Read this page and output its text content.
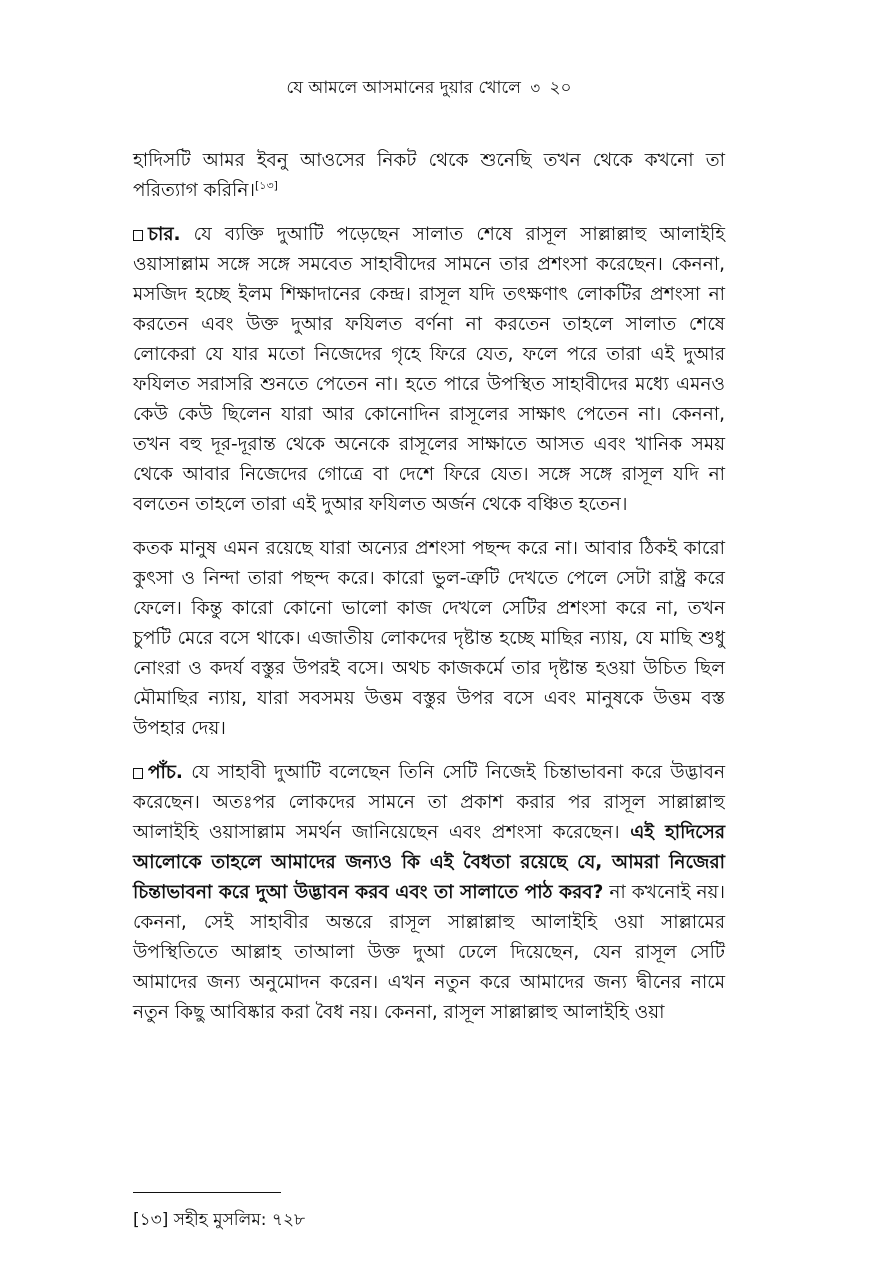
যে আমলে আসমানের দুয়ার খোলে ৩ ২০

হাদিসটি আমর ইবনু আওসের নিকট থেকে শুনেছি তখন থেকে কখনো তা পরিত্যাগ করিনি।[১৩]

চার. যে ব্যক্তি দুআটি পড়েছেন সালাত শেষে রাসূল সাল্লাল্লাহু আলাইহি ওয়াসাল্লাম সঙ্গে সঙ্গে সমবেত সাহাবীদের সামনে তার প্রশংসা করেছেন। কেননা, মসজিদ হচ্ছে ইলম শিক্ষাদানের কেন্দ্র। রাসূল যদি তৎক্ষণাৎ লোকটির প্রশংসা না করতেন এবং উক্ত দুআর ফযিলত বর্ণনা না করতেন তাহলে সালাত শেষে লোকেরা যে যার মতো নিজেদের গৃহে ফিরে যেত, ফলে পরে তারা এই দুআর ফযিলত সরাসরি শুনতে পেতেন না। হতে পারে উপস্থিত সাহাবীদের মধ্যে এমনও কেউ কেউ ছিলেন যারা আর কোনোদিন রাসূলের সাক্ষাৎ পেতেন না। কেননা, তখন বহু দূর-দূরান্ত থেকে অনেকে রাসূলের সাক্ষাতে আসত এবং খানিক সময় থেকে আবার নিজেদের গোত্রে বা দেশে ফিরে যেত। সঙ্গে সঙ্গে রাসূল যদি না বলতেন তাহলে তারা এই দুআর ফযিলত অর্জন থেকে বঞ্চিত হতেন।

কতক মানুষ এমন রয়েছে যারা অন্যের প্রশংসা পছন্দ করে না। আবার ঠিকই কারো কুৎসা ও নিন্দা তারা পছন্দ করে। কারো ভুল-ত্রুটি দেখতে পেলে সেটা রাষ্ট্র করে ফেলে। কিন্তু কারো কোনো ভালো কাজ দেখলে সেটির প্রশংসা করে না, তখন চুপটি মেরে বসে থাকে। এজাতীয় লোকদের দৃষ্টান্ত হচ্ছে মাছির ন্যায়, যে মাছি শুধু নোংরা ও কদর্য বস্তুর উপরই বসে। অথচ কাজকর্মে তার দৃষ্টান্ত হওয়া উচিত ছিল মৌমাছির ন্যায়, যারা সবসময় উত্তম বস্তুর উপর বসে এবং মানুষকে উত্তম বস্ত উপহার দেয়।

পাঁচ. যে সাহাবী দুআটি বলেছেন তিনি সেটি নিজেই চিন্তাভাবনা করে উদ্ভাবন করেছেন। অতঃপর লোকদের সামনে তা প্রকাশ করার পর রাসূল সাল্লাল্লাহু আলাইহি ওয়াসাল্লাম সমর্থন জানিয়েছেন এবং প্রশংসা করেছেন। এই হাদিসের আলোকে তাহলে আমাদের জন্যও কি এই বৈধতা রয়েছে যে, আমরা নিজেরা চিন্তাভাবনা করে দুআ উদ্ভাবন করব এবং তা সালাতে পাঠ করব? না কখনোই নয়। কেননা, সেই সাহাবীর অন্তরে রাসূল সাল্লাল্লাহু আলাইহি ওয়া সাল্লামের উপস্থিতিতে আল্লাহ তাআলা উক্ত দুআ ঢেলে দিয়েছেন, যেন রাসূল সেটি আমাদের জন্য অনুমোদন করেন। এখন নতুন করে আমাদের জন্য দ্বীনের নামে নতুন কিছু আবিষ্কার করা বৈধ নয়। কেননা, রাসূল সাল্লাল্লাহু আলাইহি ওয়া

[১৩] সহীহ মুসলিম: ৭২৮
